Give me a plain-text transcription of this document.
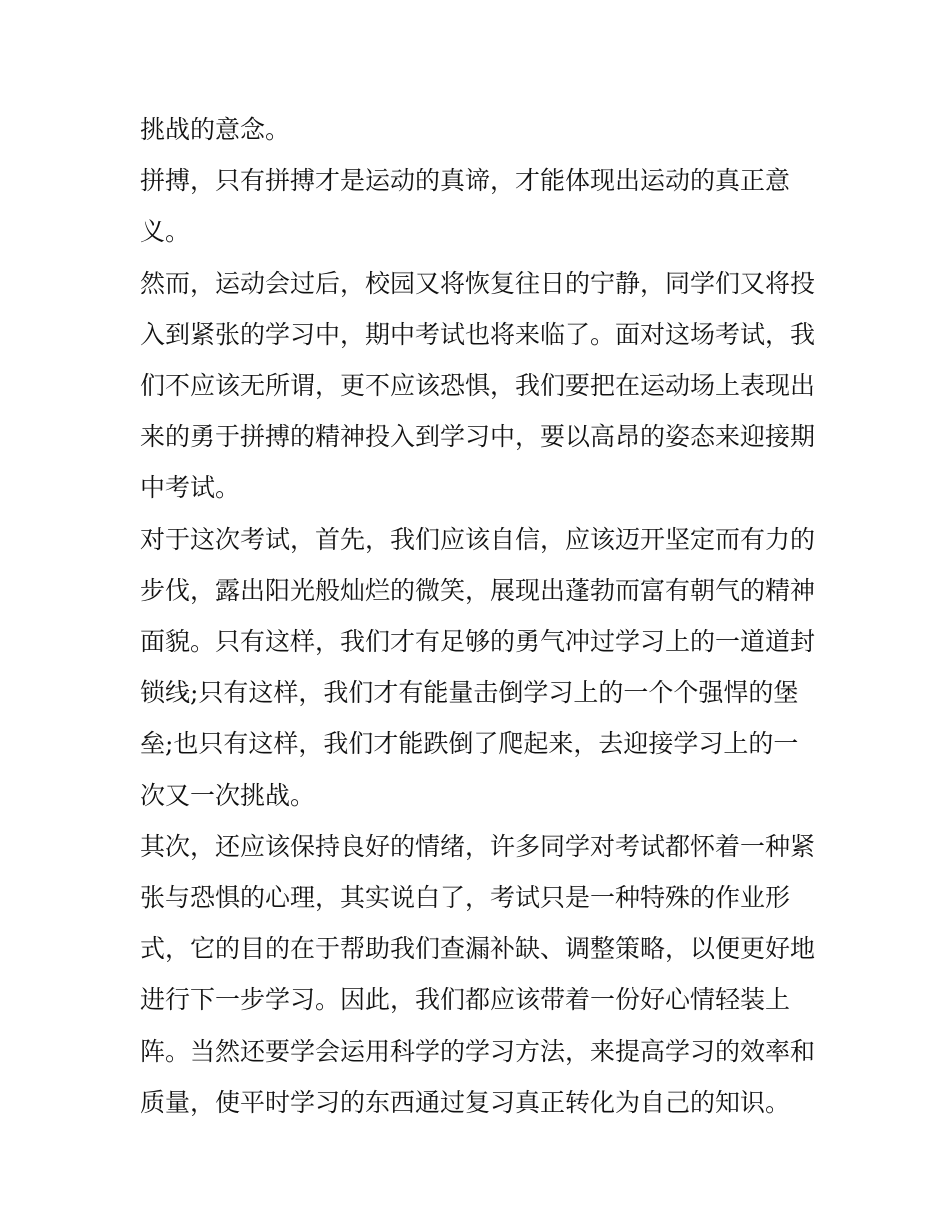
挑战的意念。

拼搏，只有拼搏才是运动的真谛，才能体现出运动的真正意义。

然而，运动会过后，校园又将恢复往日的宁静，同学们又将投入到紧张的学习中，期中考试也将来临了。面对这场考试，我们不应该无所谓，更不应该恐惧，我们要把在运动场上表现出来的勇于拼搏的精神投入到学习中，要以高昂的姿态来迎接期中考试。

对于这次考试，首先，我们应该自信，应该迈开坚定而有力的步伐，露出阳光般灿烂的微笑，展现出蓬勃而富有朝气的精神面貌。只有这样，我们才有足够的勇气冲过学习上的一道道封锁线;只有这样，我们才有能量击倒学习上的一个个强悍的堡垒;也只有这样，我们才能跌倒了爬起来，去迎接学习上的一次又一次挑战。

其次，还应该保持良好的情绪，许多同学对考试都怀着一种紧张与恐惧的心理，其实说白了，考试只是一种特殊的作业形式，它的目的在于帮助我们查漏补缺、调整策略，以便更好地进行下一步学习。因此，我们都应该带着一份好心情轻装上阵。当然还要学会运用科学的学习方法，来提高学习的效率和质量，使平时学习的东西通过复习真正转化为自己的知识。
